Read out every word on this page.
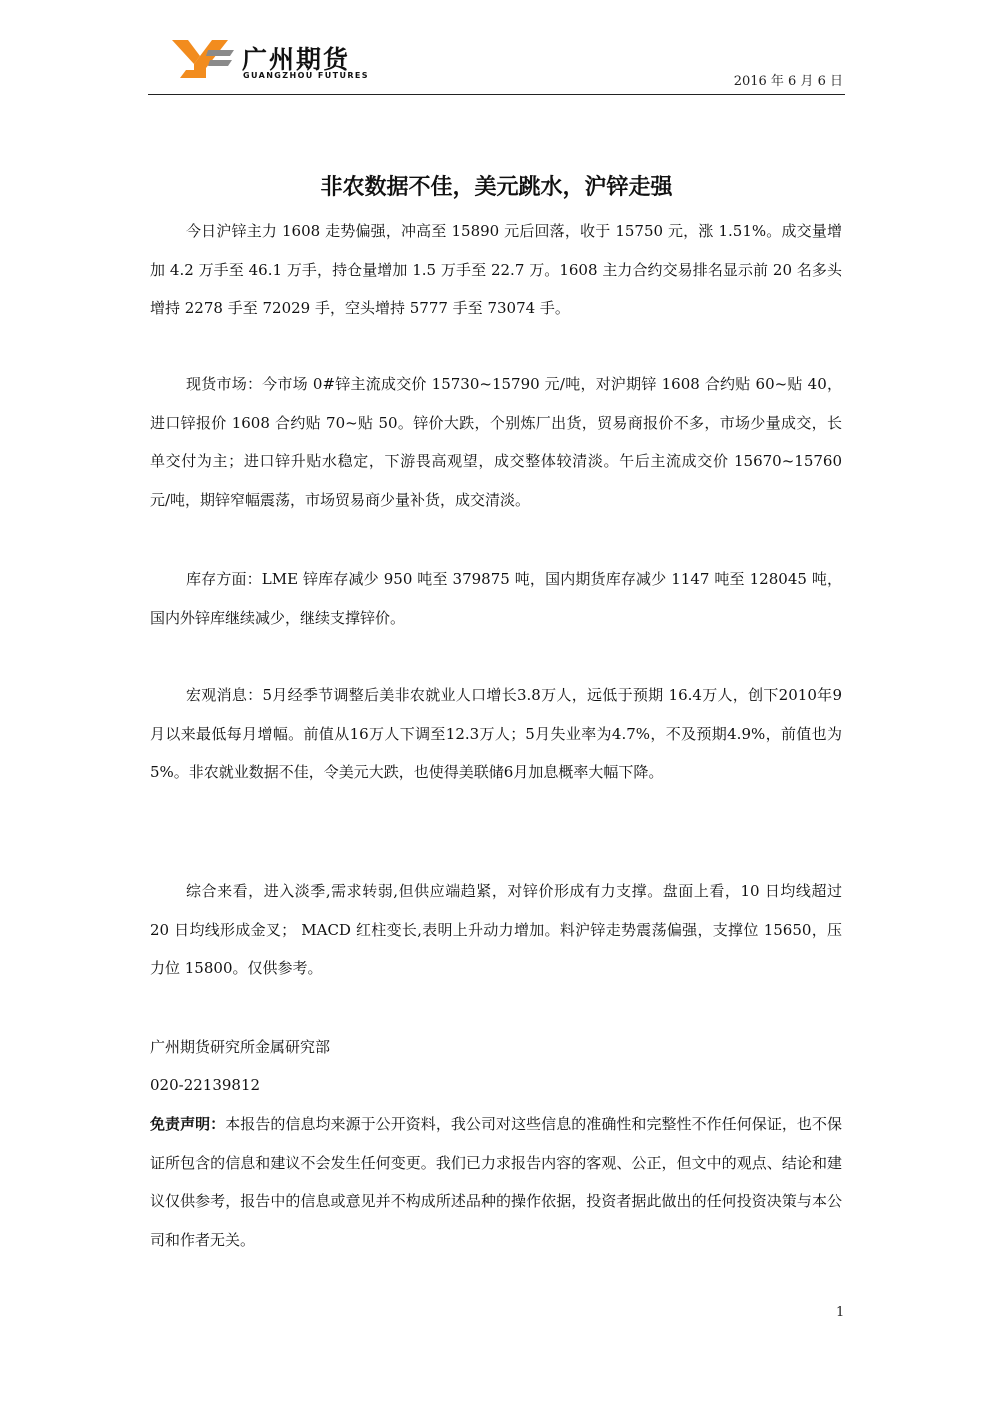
广州期货
GUANGZHOU FUTURES	2016 年 6 月 6 日
非农数据不佳，美元跳水，沪锌走强

今日沪锌主力 1608 走势偏强，冲高至 15890 元后回落，收于 15750 元，涨 1.51%。成交量增加 4.2 万手至 46.1 万手，持仓量增加 1.5 万手至 22.7 万。1608 主力合约交易排名显示前 20 名多头增持 2278 手至 72029 手，空头增持 5777 手至 73074 手。

现货市场：今市场 0#锌主流成交价 15730~15790 元/吨，对沪期锌 1608 合约贴 60~贴 40，进口锌报价 1608 合约贴 70~贴 50。锌价大跌，个别炼厂出货，贸易商报价不多，市场少量成交，长单交付为主；进口锌升贴水稳定，下游畏高观望，成交整体较清淡。午后主流成交价 15670~15760 元/吨，期锌窄幅震荡，市场贸易商少量补货，成交清淡。

库存方面：LME 锌库存减少 950 吨至 379875 吨，国内期货库存减少 1147 吨至 128045 吨，国内外锌库继续减少，继续支撑锌价。

宏观消息：5月经季节调整后美非农就业人口增长3.8万人，远低于预期 16.4万人，创下2010年9月以来最低每月增幅。前值从16万人下调至12.3万人；5月失业率为4.7%，不及预期4.9%，前值也为5%。非农就业数据不佳，令美元大跌，也使得美联储6月加息概率大幅下降。

综合来看，进入淡季,需求转弱,但供应端趋紧，对锌价形成有力支撑。盘面上看，10 日均线超过 20 日均线形成金叉； MACD 红柱变长,表明上升动力增加。料沪锌走势震荡偏强，支撑位 15650，压力位 15800。仅供参考。

广州期货研究所金属研究部

020-22139812

免责声明：本报告的信息均来源于公开资料，我公司对这些信息的准确性和完整性不作任何保证，也不保证所包含的信息和建议不会发生任何变更。我们已力求报告内容的客观、公正，但文中的观点、结论和建议仅供参考，报告中的信息或意见并不构成所述品种的操作依据，投资者据此做出的任何投资决策与本公司和作者无关。

1
